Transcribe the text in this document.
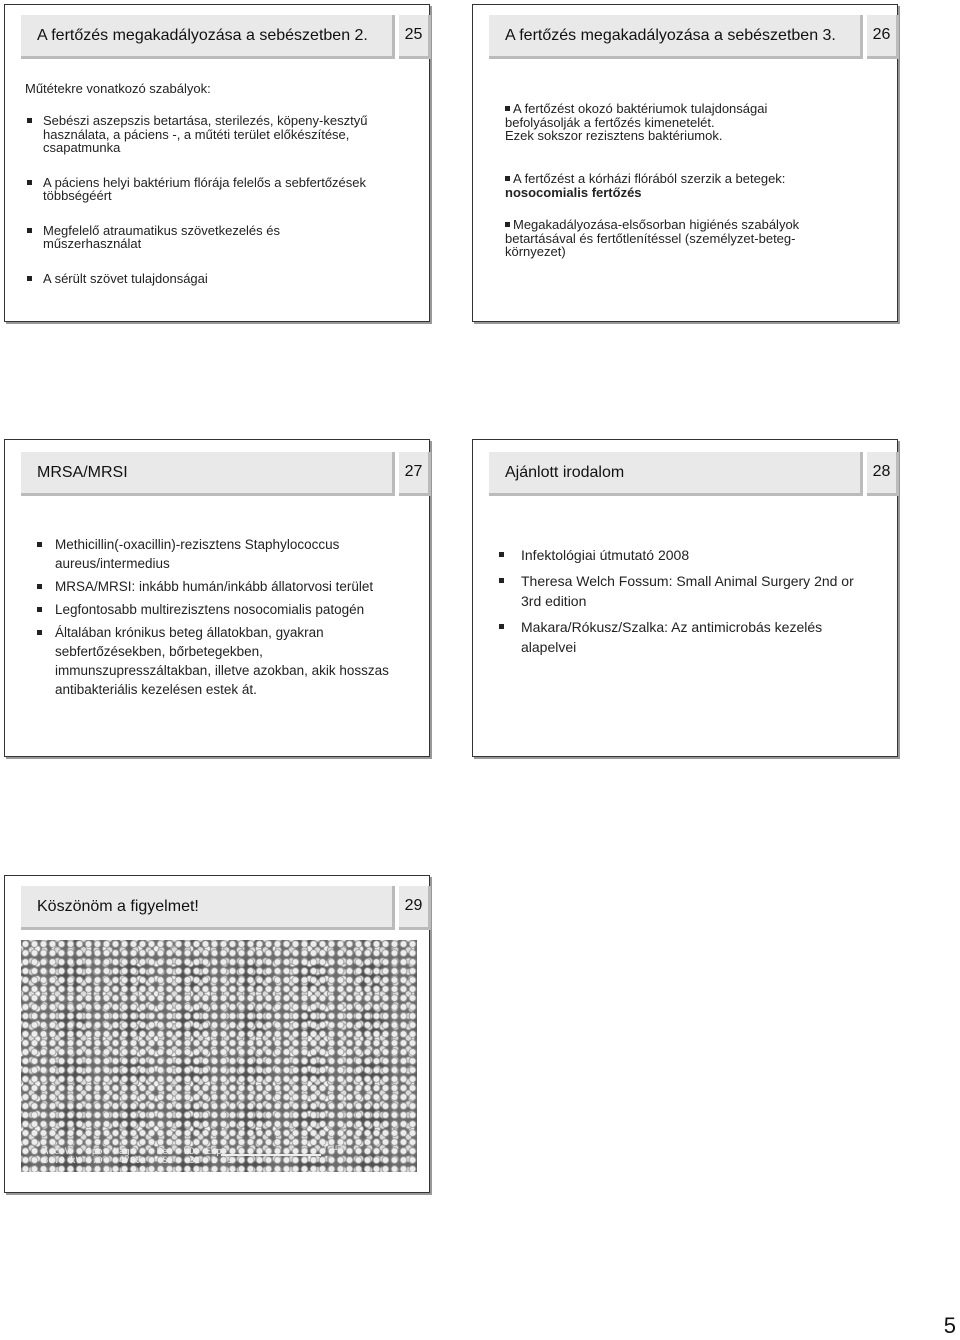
A fertőzés megakadályozása a sebészetben 2.	25
Műtétekre vonatkozó szabályok:
Sebészi aszepszis betartása, sterilezés, köpeny-kesztyű
használata, a páciens -, a műtéti terület előkészítése,
csapatmunka
A páciens helyi baktérium flórája felelős a sebfertőzések
többségéért
Megfelelő atraumatikus szövetkezelés és
műszerhasználat
A sérült szövet tulajdonságai
A fertőzés megakadályozása a sebészetben 3.	26
A fertőzést okozó baktériumok tulajdonságai
befolyásolják a fertőzés kimenetelét.
Ezek sokszor rezisztens baktériumok.
A fertőzést a kórházi flórából szerzik a betegek:
nosocomialis fertőzés
Megakadályozása-elsősorban higiénés szabályok
betartásával és fertőtlenítéssel (személyzet-beteg-
környezet)
MRSA/MRSI	27
Methicillin(-oxacillin)-rezisztens Staphylococcus
aureus/intermedius
MRSA/MRSI: inkább humán/inkább állatorvosi terület
Legfontosabb multirezisztens nosocomialis patogén
Általában krónikus beteg állatokban, gyakran
sebfertőzésekben, bőrbetegekben,
immunszupresszáltakban, illetve azokban, akik hosszas
antibakteriális kezelésen estek át.
Ajánlott irodalom	28
Infektológiai útmutató 2008
Theresa Welch Fossum: Small Animal Surgery 2nd or
3rd edition
Makara/Rókusz/Szalka: Az antimicrobás kezelés
alapelvei
Köszönöm a figyelmet!	29
5 µm
Acc.V   Spot Magn    Det  WD  Exp
30.0 kV 6.0   4780x   SE   32  1  3
5
